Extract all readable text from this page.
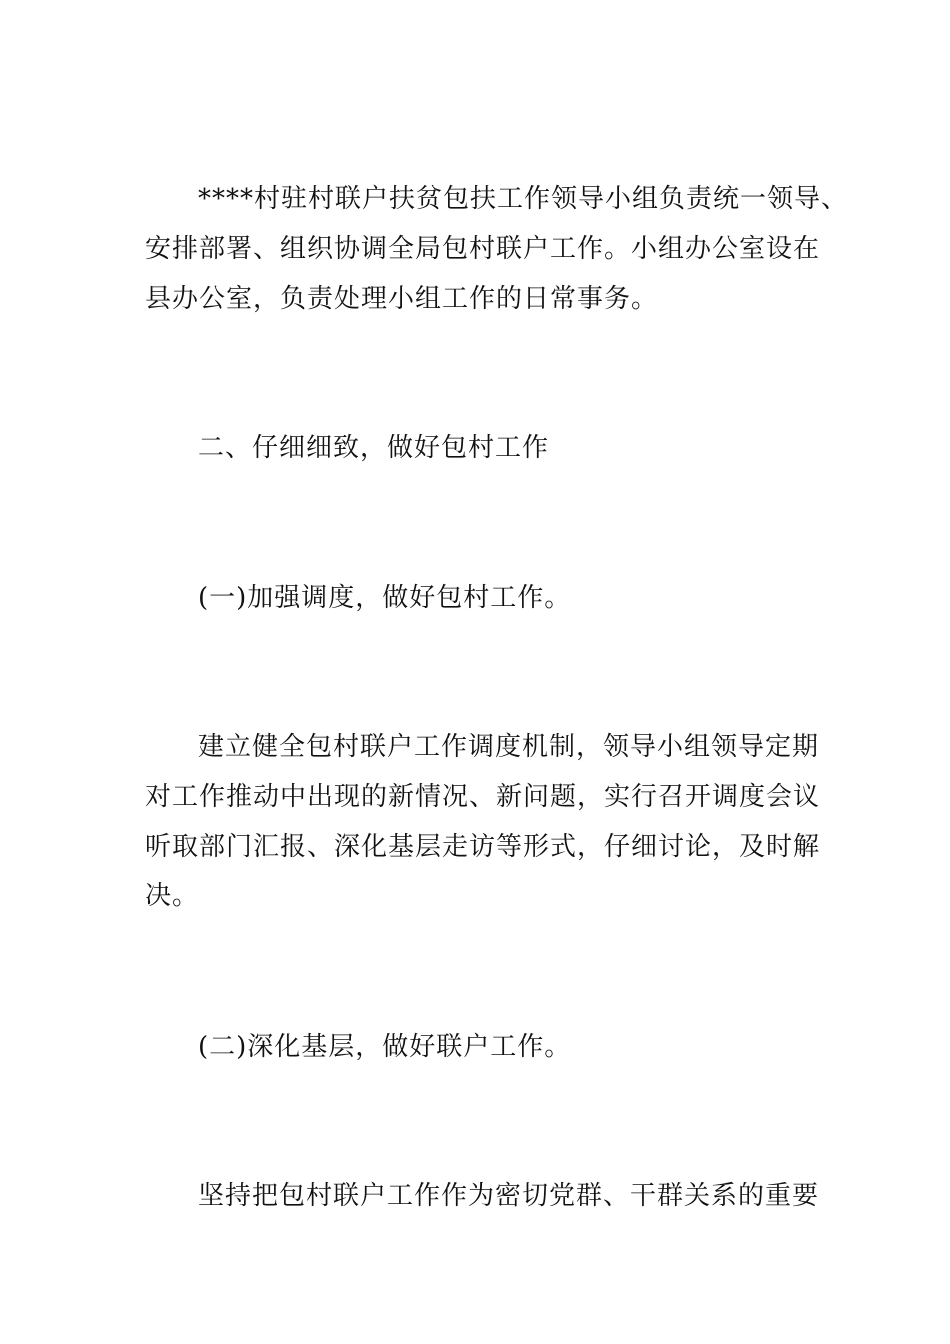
****村驻村联户扶贫包扶工作领导小组负责统一领导、
安排部署、组织协调全局包村联户工作。小组办公室设在
县办公室，负责处理小组工作的日常事务。
二、仔细细致，做好包村工作
(一)加强调度，做好包村工作。
建立健全包村联户工作调度机制，领导小组领导定期
对工作推动中出现的新情况、新问题，实行召开调度会议
听取部门汇报、深化基层走访等形式，仔细讨论，及时解
决。
(二)深化基层，做好联户工作。
坚持把包村联户工作作为密切党群、干群关系的重要
